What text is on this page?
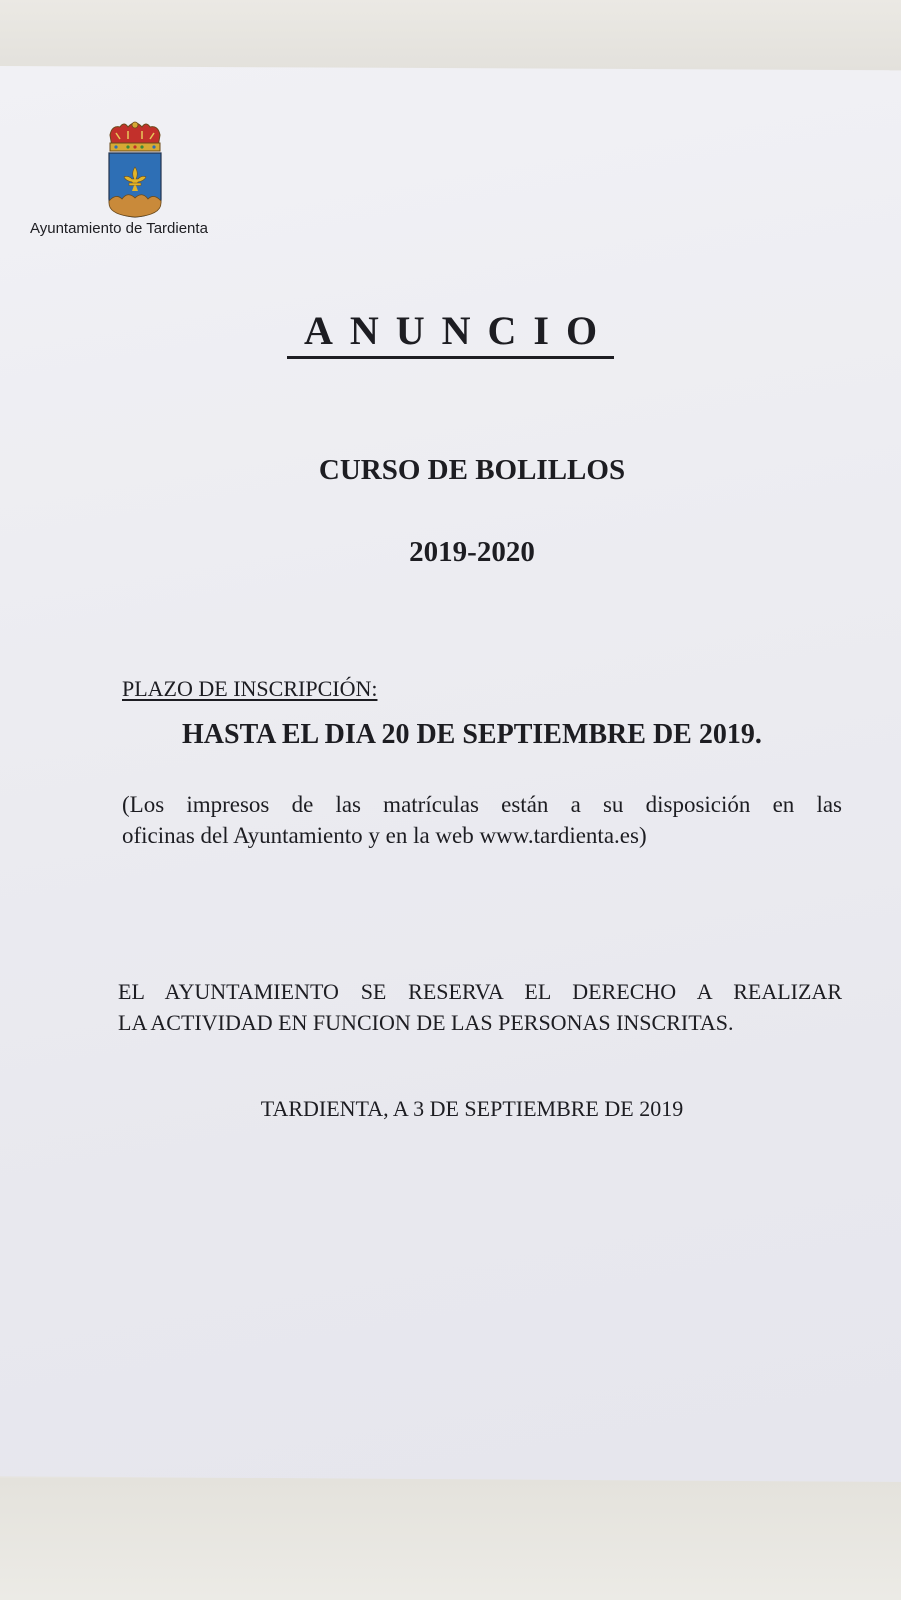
Ayuntamiento de Tardienta
ANUNCIO
CURSO DE BOLILLOS
2019-2020
PLAZO DE INSCRIPCIÓN:
HASTA EL DIA 20 DE SEPTIEMBRE DE 2019.
(Los impresos de las matrículas están a su disposición en las
oficinas del Ayuntamiento y en la web www.tardienta.es)
EL AYUNTAMIENTO SE RESERVA EL DERECHO A REALIZAR
LA ACTIVIDAD EN FUNCION DE LAS PERSONAS INSCRITAS.
TARDIENTA, A 3 DE SEPTIEMBRE DE 2019
